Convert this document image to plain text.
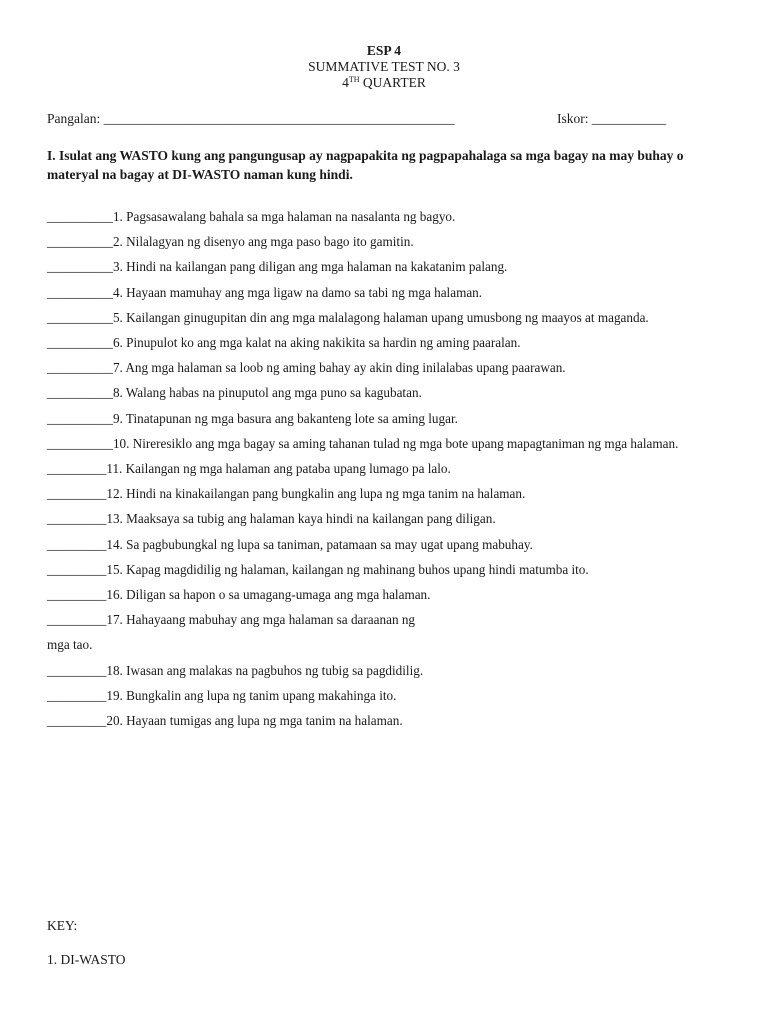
ESP 4
SUMMATIVE TEST NO. 3
4TH QUARTER
Pangalan: ____________________________________________________	Iskor: ___________
I. Isulat ang WASTO kung ang pangungusap ay nagpapakita ng pagpapahalaga sa mga bagay na may buhay o materyal na bagay at DI-WASTO naman kung hindi.
__________1. Pagsasawalang bahala sa mga halaman na nasalanta ng bagyo.
__________2. Nilalagyan ng disenyo ang mga paso bago ito gamitin.
__________3. Hindi na kailangan pang diligan ang mga halaman na kakatanim palang.
__________4. Hayaan mamuhay ang mga ligaw na damo sa tabi ng mga halaman.
__________5. Kailangan ginugupitan din ang mga malalagong halaman upang umusbong ng maayos at maganda.
__________6. Pinupulot ko ang mga kalat na aking nakikita sa hardin ng aming paaralan.
__________7. Ang mga halaman sa loob ng aming bahay ay akin ding inilalabas upang paarawan.
__________8. Walang habas na pinuputol ang mga puno sa kagubatan.
__________9. Tinatapunan ng mga basura ang bakanteng lote sa aming lugar.
__________10. Nireresiklo ang mga bagay sa aming tahanan tulad ng mga bote upang mapagtaniman ng mga halaman.
_________11. Kailangan ng mga halaman ang pataba upang lumago pa lalo.
_________12. Hindi na kinakailangan pang bungkalin ang lupa ng mga tanim na halaman.
_________13. Maaksaya sa tubig ang halaman kaya hindi na kailangan pang diligan.
_________14. Sa pagbubungkal ng lupa sa taniman, patamaan sa may ugat upang mabuhay.
_________15. Kapag magdidilig ng halaman, kailangan ng mahinang buhos upang hindi matumba ito.
_________16. Diligan sa hapon o sa umagang-umaga ang mga halaman.
_________17. Hahayaang mabuhay ang mga halaman sa daraanan ng
mga tao.
_________18. Iwasan ang malakas na pagbuhos ng tubig sa pagdidilig.
_________19. Bungkalin ang lupa ng tanim upang makahinga ito.
_________20. Hayaan tumigas ang lupa ng mga tanim na halaman.
KEY:
1. DI-WASTO
